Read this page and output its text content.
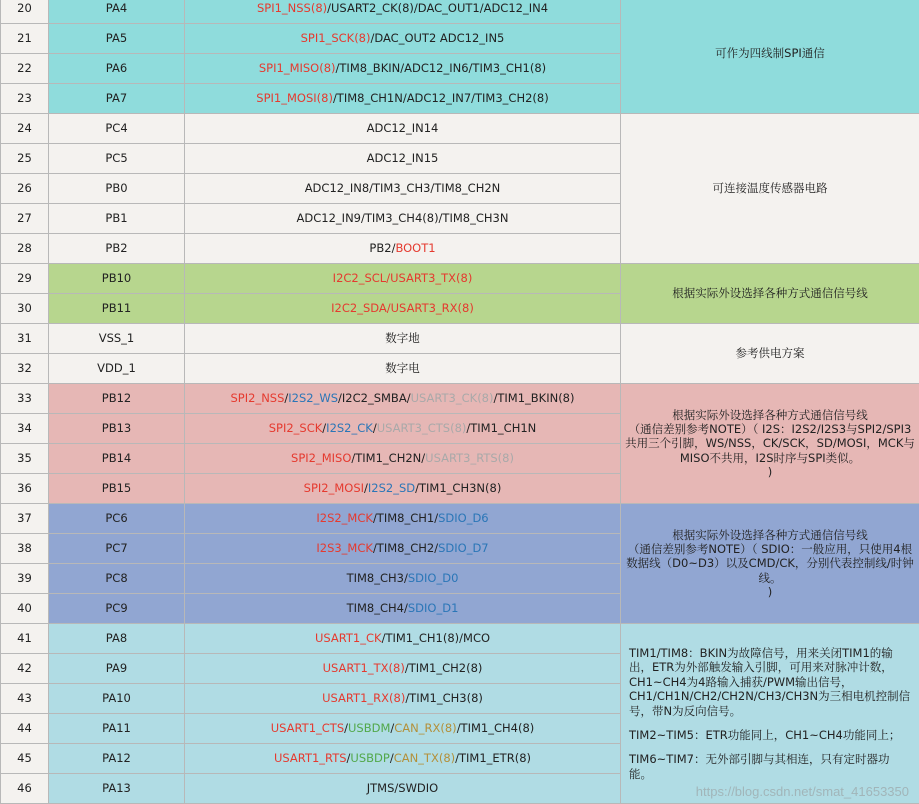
20	PA4	SPI1_NSS(8)/USART2_CK(8)/DAC_OUT1/ADC12_IN4	可作为四线制SPI通信

21	PA5	SPI1_SCK(8)/DAC_OUT2 ADC12_IN5	
22	PA6	SPI1_MISO(8)/TIM8_BKIN/ADC12_IN6/TIM3_CH1(8)	
23	PA7	SPI1_MOSI(8)/TIM8_CH1N/ADC12_IN7/TIM3_CH2(8)	
24	PC4	ADC12_IN14	可连接温度传感器电路

25	PC5	ADC12_IN15	
26	PB0	ADC12_IN8/TIM3_CH3/TIM8_CH2N	
27	PB1	ADC12_IN9/TIM3_CH4(8)/TIM8_CH3N	
28	PB2	PB2/BOOT1	
29	PB10	I2C2_SCL/USART3_TX(8)	根据实际外设选择各种方式通信信号线

30	PB11	I2C2_SDA/USART3_RX(8)	
31	VSS_1	数字地	参考供电方案

32	VDD_1	数字电	
33	PB12	SPI2_NSS/I2S2_WS/I2C2_SMBA/USART3_CK(8)/TIM1_BKIN(8)	根据实际外设选择各种方式通信信号线
（通信差别参考NOTE）（ I2S：I2S2/I2S3与SPI2/SPI3共用三个引脚，WS/NSS，CK/SCK，SD/MOSI，MCK与MISO不共用，I2S时序与SPI类似。
)

34	PB13	SPI2_SCK/I2S2_CK/USART3_CTS(8)/TIM1_CH1N	
35	PB14	SPI2_MISO/TIM1_CH2N/USART3_RTS(8)	
36	PB15	SPI2_MOSI/I2S2_SD/TIM1_CH3N(8)	
37	PC6	I2S2_MCK/TIM8_CH1/SDIO_D6	根据实际外设选择各种方式通信信号线
（通信差别参考NOTE）（ SDIO：一般应用，只使用4根数据线（D0~D3）以及CMD/CK，分别代表控制线/时钟线。
)

38	PC7	I2S3_MCK/TIM8_CH2/SDIO_D7	
39	PC8	TIM8_CH3/SDIO_D0	
40	PC9	TIM8_CH4/SDIO_D1	
41	PA8	USART1_CK/TIM1_CH1(8)/MCO	TIM1/TIM8：BKIN为故障信号，用来关闭TIM1的输出，ETR为外部触发输入引脚，可用来对脉冲计数，CH1~CH4为4路输入捕获/PWM输出信号，CH1/CH1N/CH2/CH2N/CH3/CH3N为三相电机控制信号，带N为反向信号。
TIM2~TIM5：ETR功能同上，CH1~CH4功能同上；
TIM6~TIM7：无外部引脚与其相连，只有定时器功能。

42	PA9	USART1_TX(8)/TIM1_CH2(8)	
43	PA10	USART1_RX(8)/TIM1_CH3(8)	
44	PA11	USART1_CTS/USBDM/CAN_RX(8)/TIM1_CH4(8)	
45	PA12	USART1_RTS/USBDP/CAN_TX(8)/TIM1_ETR(8)	
46	PA13	JTMS/SWDIO		https://blog.csdn.net/smat_41653350
